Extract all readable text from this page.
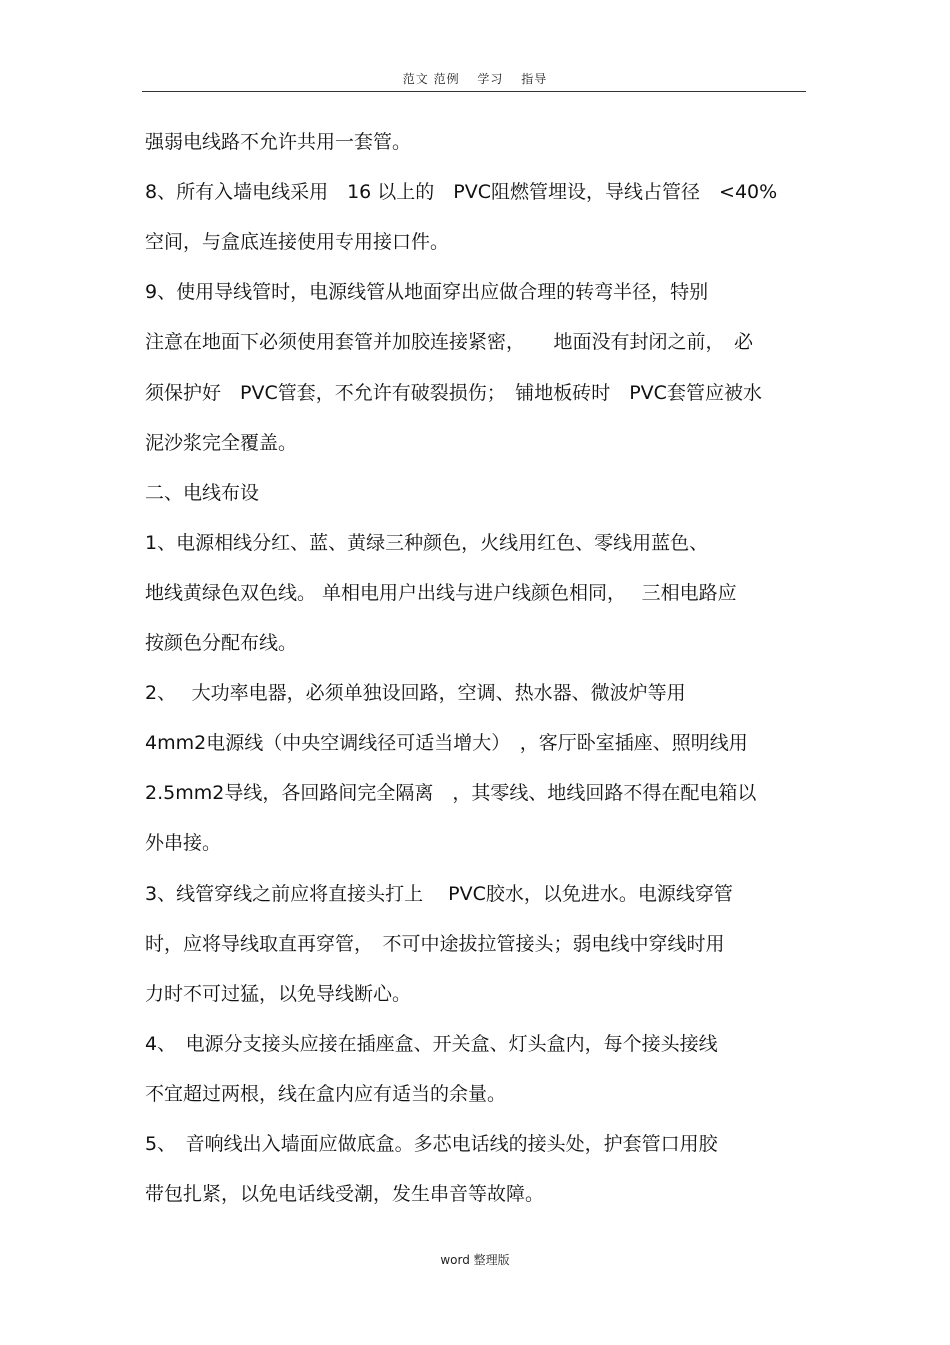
范文 范例　 学习　 指导
强弱电线路不允许共用一套管。
8、所有入墙电线采用　16 以上的　PVC阻燃管埋设，导线占管径　<40%
空间，与盒底连接使用专用接口件。
9、使用导线管时，电源线管从地面穿出应做合理的转弯半径，特别
注意在地面下必须使用套管并加胶连接紧密，　　地面没有封闭之前，　必
须保护好　PVC管套，不允许有破裂损伤；　铺地板砖时　PVC套管应被水
泥沙浆完全覆盖。
二、电线布设
1、电源相线分红、蓝、黄绿三种颜色，火线用红色、零线用蓝色、
地线黄绿色双色线。 单相电用户出线与进户线颜色相同，　 三相电路应
按颜色分配布线。
2、　 大功率电器，必须单独设回路，空调、热水器、微波炉等用
4mm2电源线（中央空调线径可适当增大）　，客厅卧室插座、照明线用
2.5mm2导线，各回路间完全隔离　，其零线、地线回路不得在配电箱以
外串接。
3、线管穿线之前应将直接头打上　 PVC胶水，以免进水。电源线穿管
时，应将导线取直再穿管，　不可中途拔拉管接头；弱电线中穿线时用
力时不可过猛，以免导线断心。
4、　电源分支接头应接在插座盒、开关盒、灯头盒内，每个接头接线
不宜超过两根，线在盒内应有适当的余量。
5、　音响线出入墙面应做底盒。多芯电话线的接头处，护套管口用胶
带包扎紧，以免电话线受潮，发生串音等故障。
word 整理版
